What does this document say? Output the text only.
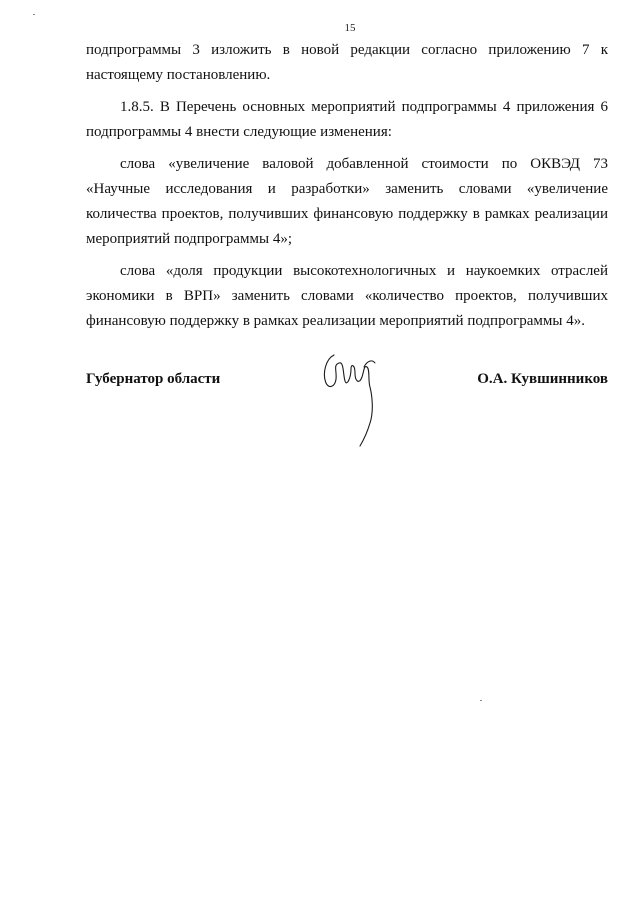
15

подпрограммы 3 изложить в новой редакции согласно приложению 7 к настоящему постановлению.

1.8.5. В Перечень основных мероприятий подпрограммы 4 приложения 6 подпрограммы 4 внести следующие изменения:

слова «увеличение валовой добавленной стоимости по ОКВЭД 73 «Научные исследования и разработки» заменить словами «увеличение количества проектов, получивших финансовую поддержку в рамках реализации мероприятий подпрограммы 4»;

слова «доля продукции высокотехнологичных и наукоемких отраслей экономики в ВРП» заменить словами «количество проектов, получивших финансовую поддержку в рамках реализации мероприятий подпрограммы 4».

Губернатор области	О.А. Кувшинников
